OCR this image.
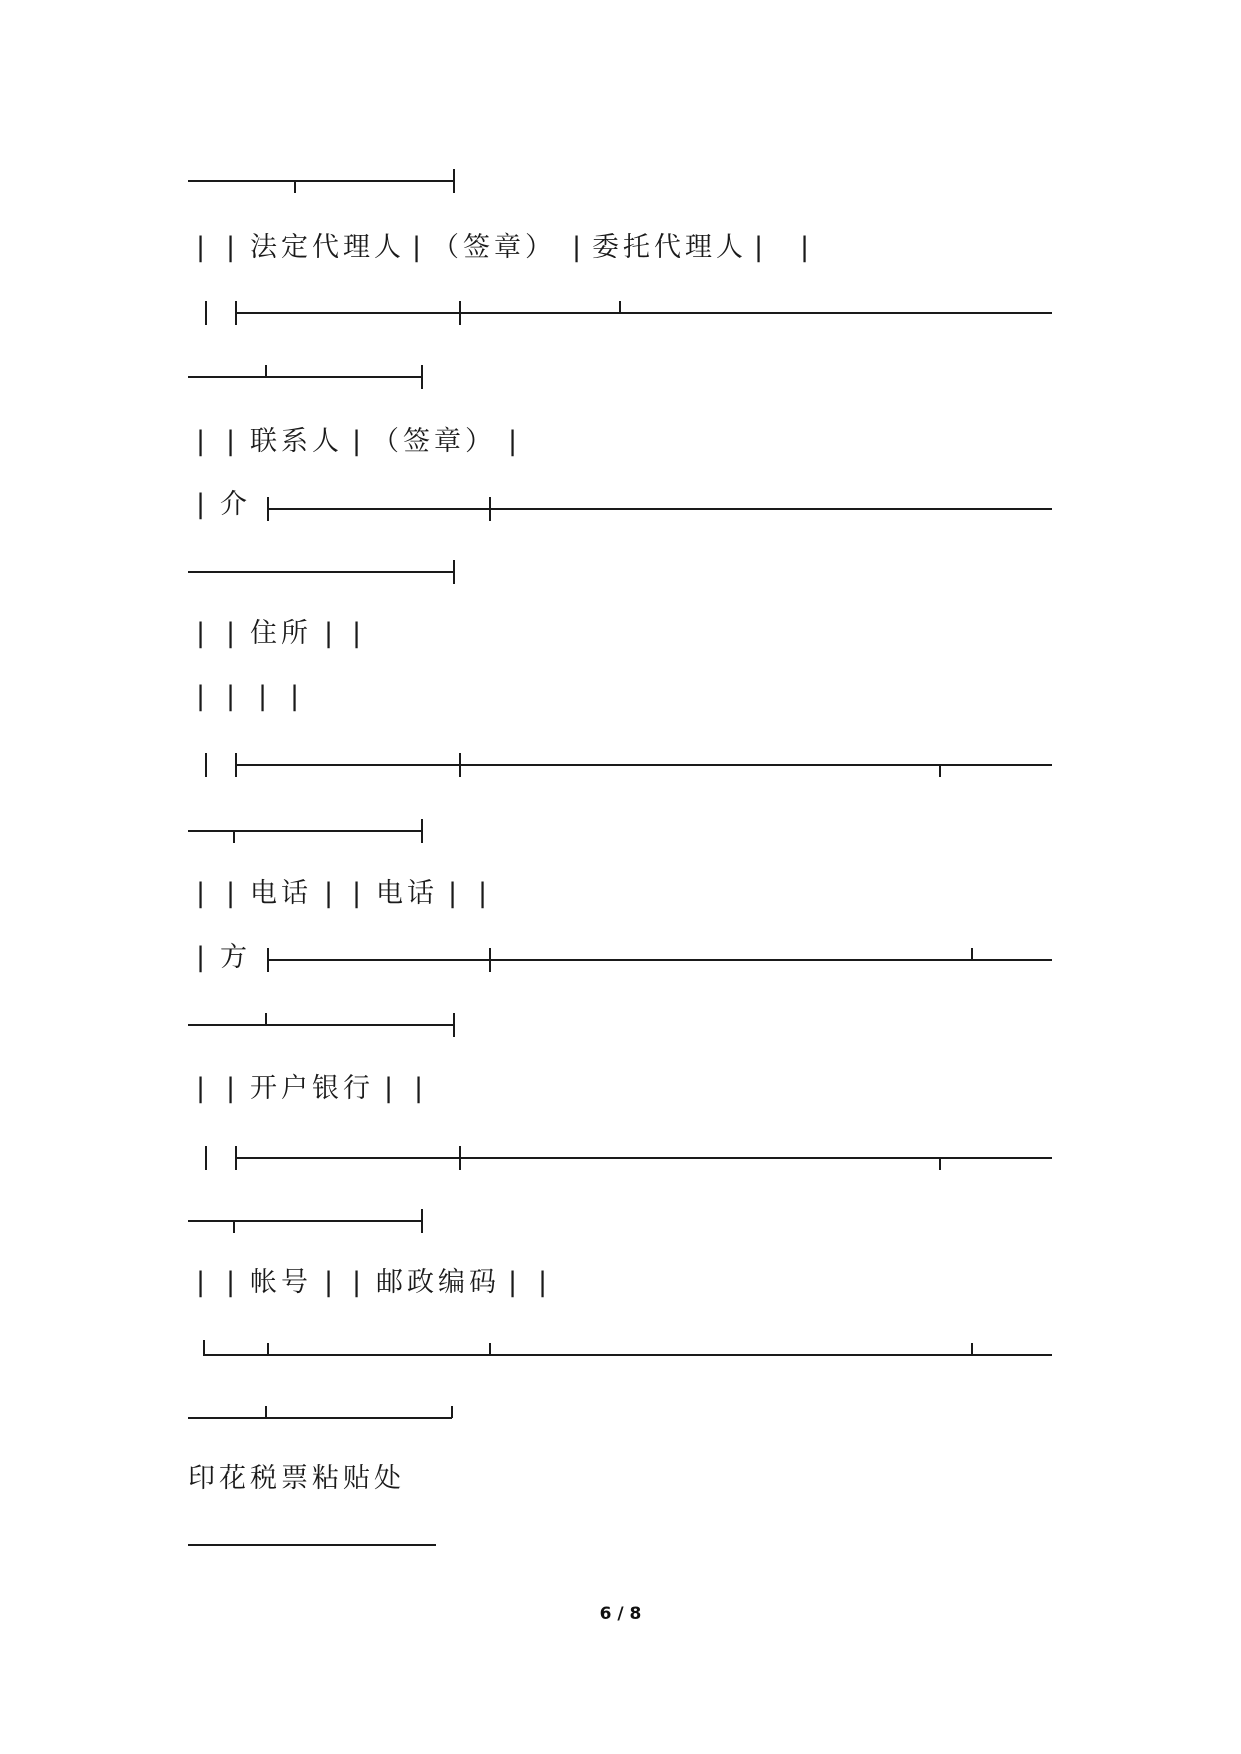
| | 法定代理人 | （签章） | 委托代理人 | |
| | 联系人 | （签章） |
| 介
| | 住所 | |
| | | |
| | 电话 | | 电话 | |
| 方
| | 开户银行 | |
| | 帐号 | | 邮政编码 | |
印花税票粘贴处
6 / 8
